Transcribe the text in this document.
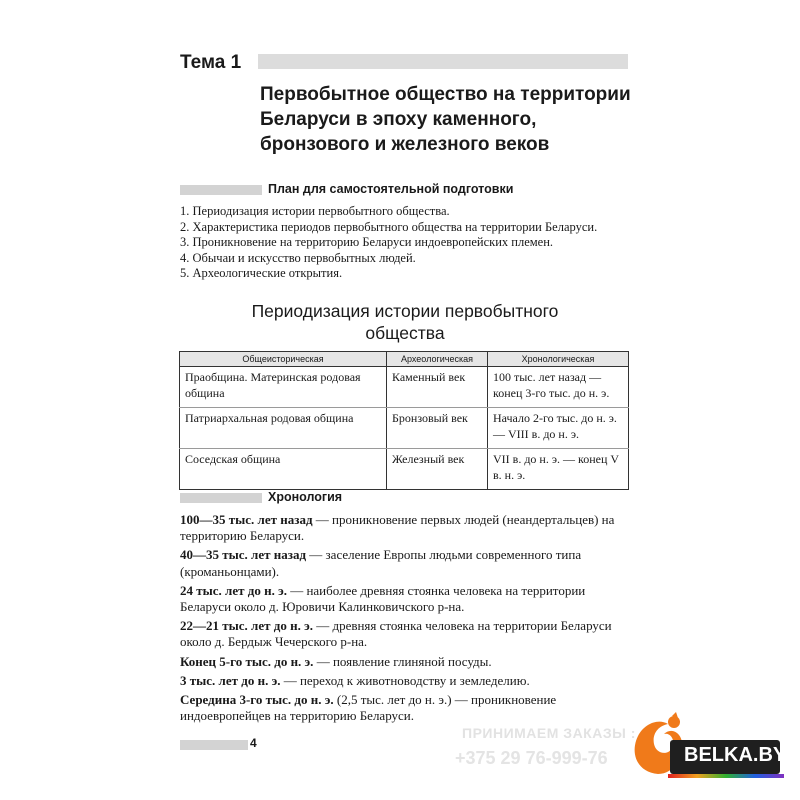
Тема 1
Первобытное общество на территории
Беларуси в эпоху каменного,
бронзового и железного веков
План для самостоятельной подготовки
1. Периодизация истории первобытного общества.
2. Характеристика периодов первобытного общества на территории Беларуси.
3. Проникновение на территорию Беларуси индоевропейских племен.
4. Обычаи и искусство первобытных людей.
5. Археологические открытия.
Периодизация истории первобытного
общества
Общеисторическая	Археологическая	Хронологическая
Праобщина. Материнская родовая община	Каменный век	100 тыс. лет назад — конец 3-го тыс. до н. э.
Патриархальная родовая община	Бронзовый век	Начало 2-го тыс. до н. э. — VIII в. до н. э.
Соседская община	Железный век	VII в. до н. э. — конец V в. н. э.
Хронология
100—35 тыс. лет назад — проникновение первых людей (неандертальцев) на территорию Беларуси.
40—35 тыс. лет назад — заселение Европы людьми современного типа (кроманьонцами).
24 тыс. лет до н. э. — наиболее древняя стоянка человека на территории Беларуси около д. Юровичи Калинковичского р-на.
22—21 тыс. лет до н. э. — древняя стоянка человека на территории Беларуси около д. Бердыж Чечерского р-на.
Конец 5-го тыс. до н. э. — появление глиняной посуды.
3 тыс. лет до н. э. — переход к животноводству и земледелию.
Середина 3-го тыс. до н. э. (2,5 тыс. лет до н. э.) — проникновение индоевропейцев на территорию Беларуси.
4
ПРИНИМАЕМ ЗАКАЗЫ :
+375 29 76-999-76	BELKA.BY
